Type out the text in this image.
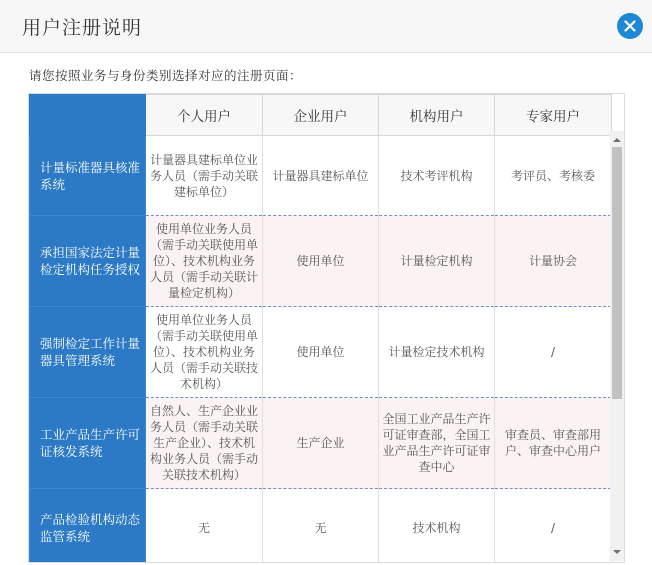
用户注册说明
请您按照业务与身份类别选择对应的注册页面：
	个人用户	企业用户	机构用户	专家用户
计量标准器具核准系统	计量器具建标单位业务人员（需手动关联建标单位）	计量器具建标单位	技术考评机构	考评员、考核委
承担国家法定计量检定机构任务授权	使用单位业务人员（需手动关联使用单位）、技术机构业务人员（需手动关联计量检定机构）	使用单位	计量检定机构	计量协会
强制检定工作计量器具管理系统	使用单位业务人员（需手动关联使用单位）、技术机构业务人员（需手动关联技术机构）	使用单位	计量检定技术机构	/
工业产品生产许可证核发系统	自然人、生产企业业务人员（需手动关联生产企业）、技术机构业务人员（需手动关联技术机构）	生产企业	全国工业产品生产许可证审查部，全国工业产品生产许可证审查中心	审查员、审查部用户、审查中心用户
产品检验机构动态监管系统	无	无	技术机构	/
